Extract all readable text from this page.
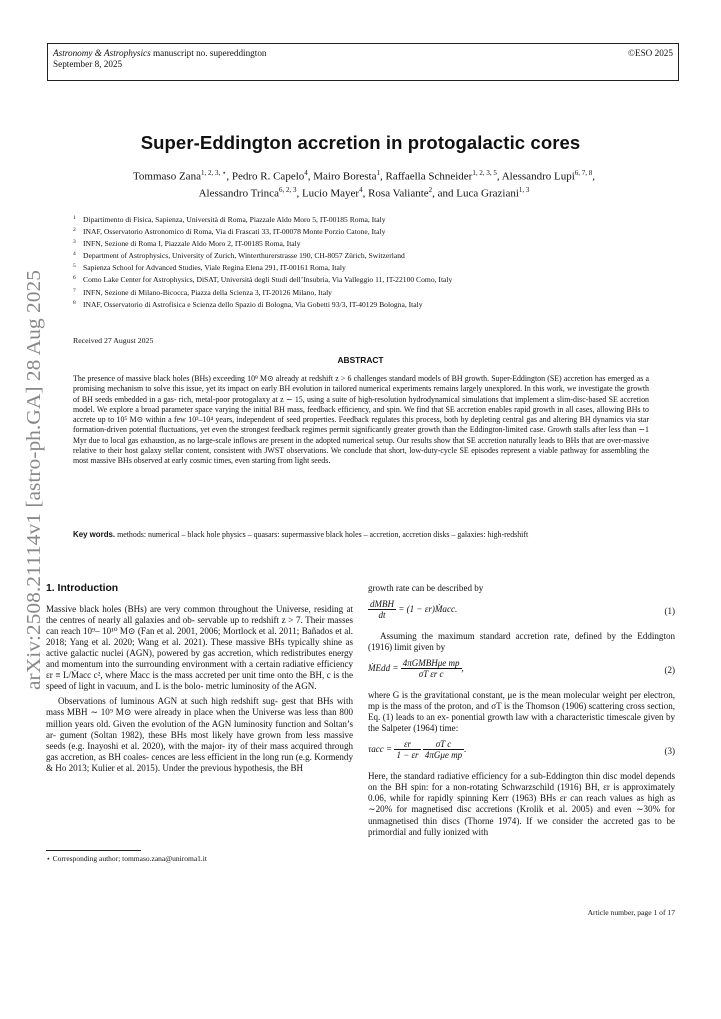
Astronomy & Astrophysics manuscript no. supereddington
September 8, 2025
©ESO 2025
arXiv:2508.21114v1 [astro-ph.GA] 28 Aug 2025
Super-Eddington accretion in protogalactic cores
Tommaso Zana$^{1, 2, 3, ⋆}$, Pedro R. Capelo$^4$, Mairo Boresta$^1$, Raffaella Schneider$^{1, 2, 3, 5}$, Alessandro Lupi$^{6, 7, 8}$,
Alessandro Trinca$^{6, 2, 3}$, Lucio Mayer$^4$, Rosa Valiante$^2$, and Luca Graziani$^{1, 3}$
$^1$ Dipartimento di Fisica, Sapienza, Università di Roma, Piazzale Aldo Moro 5, IT-00185 Roma, Italy
$^2$ INAF, Osservatorio Astronomico di Roma, Via di Frascati 33, IT-00078 Monte Porzio Catone, Italy
$^3$ INFN, Sezione di Roma I, Piazzale Aldo Moro 2, IT-00185 Roma, Italy
$^4$ Department of Astrophysics, University of Zurich, Winterthurerstrasse 190, CH-8057 Zürich, Switzerland
$^5$ Sapienza School for Advanced Studies, Viale Regina Elena 291, IT-00161 Roma, Italy
$^6$ Como Lake Center for Astrophysics, DiSAT, Università degli Studi dell’Insubria, Via Valleggio 11, IT-22100 Como, Italy
$^7$ INFN, Sezione di Milano-Bicocca, Piazza della Scienza 3, IT-20126 Milano, Italy
$^8$ INAF, Osservatorio di Astrofisica e Scienza dello Spazio di Bologna, Via Gobetti 93/3, IT-40129 Bologna, Italy
Received 27 August 2025
ABSTRACT
The presence of massive black holes (BHs) exceeding 10⁹ M⊙ already at redshift z > 6 challenges standard models of BH growth. Super-Eddington (SE) accretion has emerged as a promising mechanism to solve this issue, yet its impact on early BH evolution in tailored numerical experiments remains largely unexplored. In this work, we investigate the growth of BH seeds embedded in a gas- rich, metal-poor protogalaxy at z ∼ 15, using a suite of high-resolution hydrodynamical simulations that implement a slim-disc-based SE accretion model. We explore a broad parameter space varying the initial BH mass, feedback efficiency, and spin. We find that SE accretion enables rapid growth in all cases, allowing BHs to accrete up to 10⁵ M⊙ within a few 10³–10⁴ years, independent of seed properties. Feedback regulates this process, both by depleting central gas and altering BH dynamics via star formation-driven potential fluctuations, yet even the strongest feedback regimes permit significantly greater growth than the Eddington-limited case. Growth stalls after less than ∼1 Myr due to local gas exhaustion, as no large-scale inflows are present in the adopted numerical setup. Our results show that SE accretion naturally leads to BHs that are over-massive relative to their host galaxy stellar content, consistent with JWST observations. We conclude that short, low-duty-cycle SE episodes represent a viable pathway for assembling the most massive BHs observed at early cosmic times, even starting from light seeds.
Key words. methods: numerical – black hole physics – quasars: supermassive black holes – accretion, accretion disks – galaxies: high-redshift
1. Introduction

Massive black holes (BHs) are very common throughout the Universe, residing at the centres of nearly all galaxies and ob- servable up to redshift z > 7. Their masses can reach 10⁹– 10¹⁰ M⊙ (Fan et al. 2001, 2006; Mortlock et al. 2011; Bañados et al. 2018; Yang et al. 2020; Wang et al. 2021). These massive BHs typically shine as active galactic nuclei (AGN), powered by gas accretion, which redistributes energy and momentum into the surrounding environment with a certain radiative efficiency εr ≡ L/Ṁacc c², where Ṁacc is the mass accreted per unit time onto the BH, c is the speed of light in vacuum, and L is the bolo- metric luminosity of the AGN.

Observations of luminous AGN at such high redshift sug- gest that BHs with mass MBH ∼ 10⁹ M⊙ were already in place when the Universe was less than 800 million years old. Given the evolution of the AGN luminosity function and Soltan’s ar- gument (Soltan 1982), these BHs most likely have grown from less massive seeds (e.g. Inayoshi et al. 2020), with the major- ity of their mass acquired through gas accretion, as BH coales- cences are less efficient in the long run (e.g. Kormendy & Ho 2013; Kulier et al. 2015). Under the previous hypothesis, the BH

growth rate can be described by

$\frac{\text{dMBH}}{dt} = (1$ − εr)Ṁacc.	(1)

Assuming the maximum standard accretion rate, defined by the Eddington (1916) limit given by

ṀEdd = $\frac{\text{4πGMBHμe mp}}{\text{σT εr c}}$ ,	(2)

where G is the gravitational constant, μe is the mean molecular weight per electron, mp is the mass of the proton, and σT is the Thomson (1906) scattering cross section, Eq. (1) leads to an ex- ponential growth law with a characteristic timescale given by the Salpeter (1964) time:

$\tau acc = \frac{\varepsilon r}{1 - \varepsilon r}$
$\frac{\text{σT c}}{\text{4πGμe mp}}$ .	(3)

Here, the standard radiative efficiency for a sub-Eddington thin disc model depends on the BH spin: for a non-rotating Schwarzschild (1916) BH, εr is approximately 0.06, while for rapidly spinning Kerr (1963) BHs εr can reach values as high as ∼20% for magnetised disc accretions (Krolik et al. 2005) and even ∼30% for unmagnetised thin discs (Thorne 1974). If we consider the accreted gas to be primordial and fully ionized with

⋆ Corresponding author; tommaso.zana@uniroma1.it
Article number, page 1 of 17
